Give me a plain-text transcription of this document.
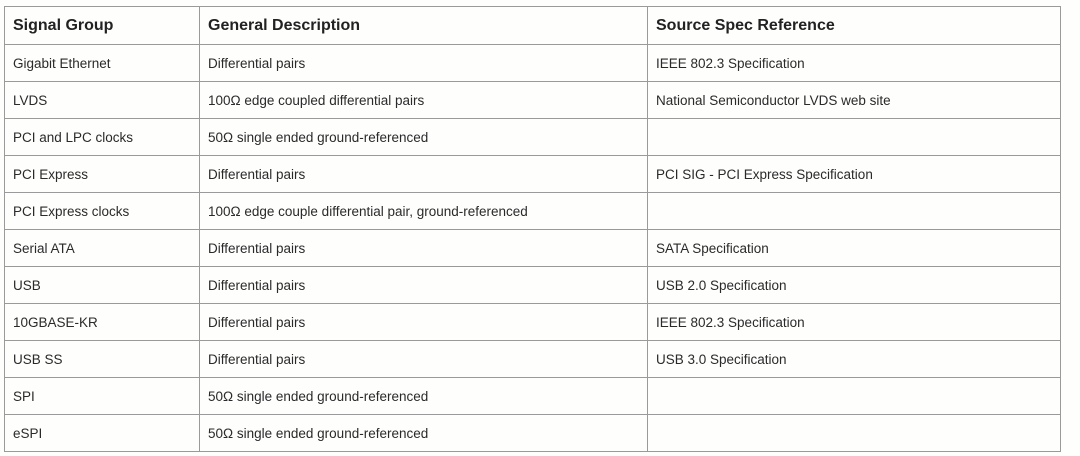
Signal Group	General Description	Source Spec Reference
Gigabit Ethernet	Differential pairs	IEEE 802.3 Specification
LVDS	100Ω edge coupled differential pairs	National Semiconductor LVDS web site
PCI and LPC clocks	50Ω single ended ground-referenced	
PCI Express	Differential pairs	PCI SIG - PCI Express Specification
PCI Express clocks	100Ω edge couple differential pair, ground-referenced	
Serial ATA	Differential pairs	SATA Specification
USB	Differential pairs	USB 2.0 Specification
10GBASE-KR	Differential pairs	IEEE 802.3 Specification
USB SS	Differential pairs	USB 3.0 Specification
SPI	50Ω single ended ground-referenced	
eSPI	50Ω single ended ground-referenced	
